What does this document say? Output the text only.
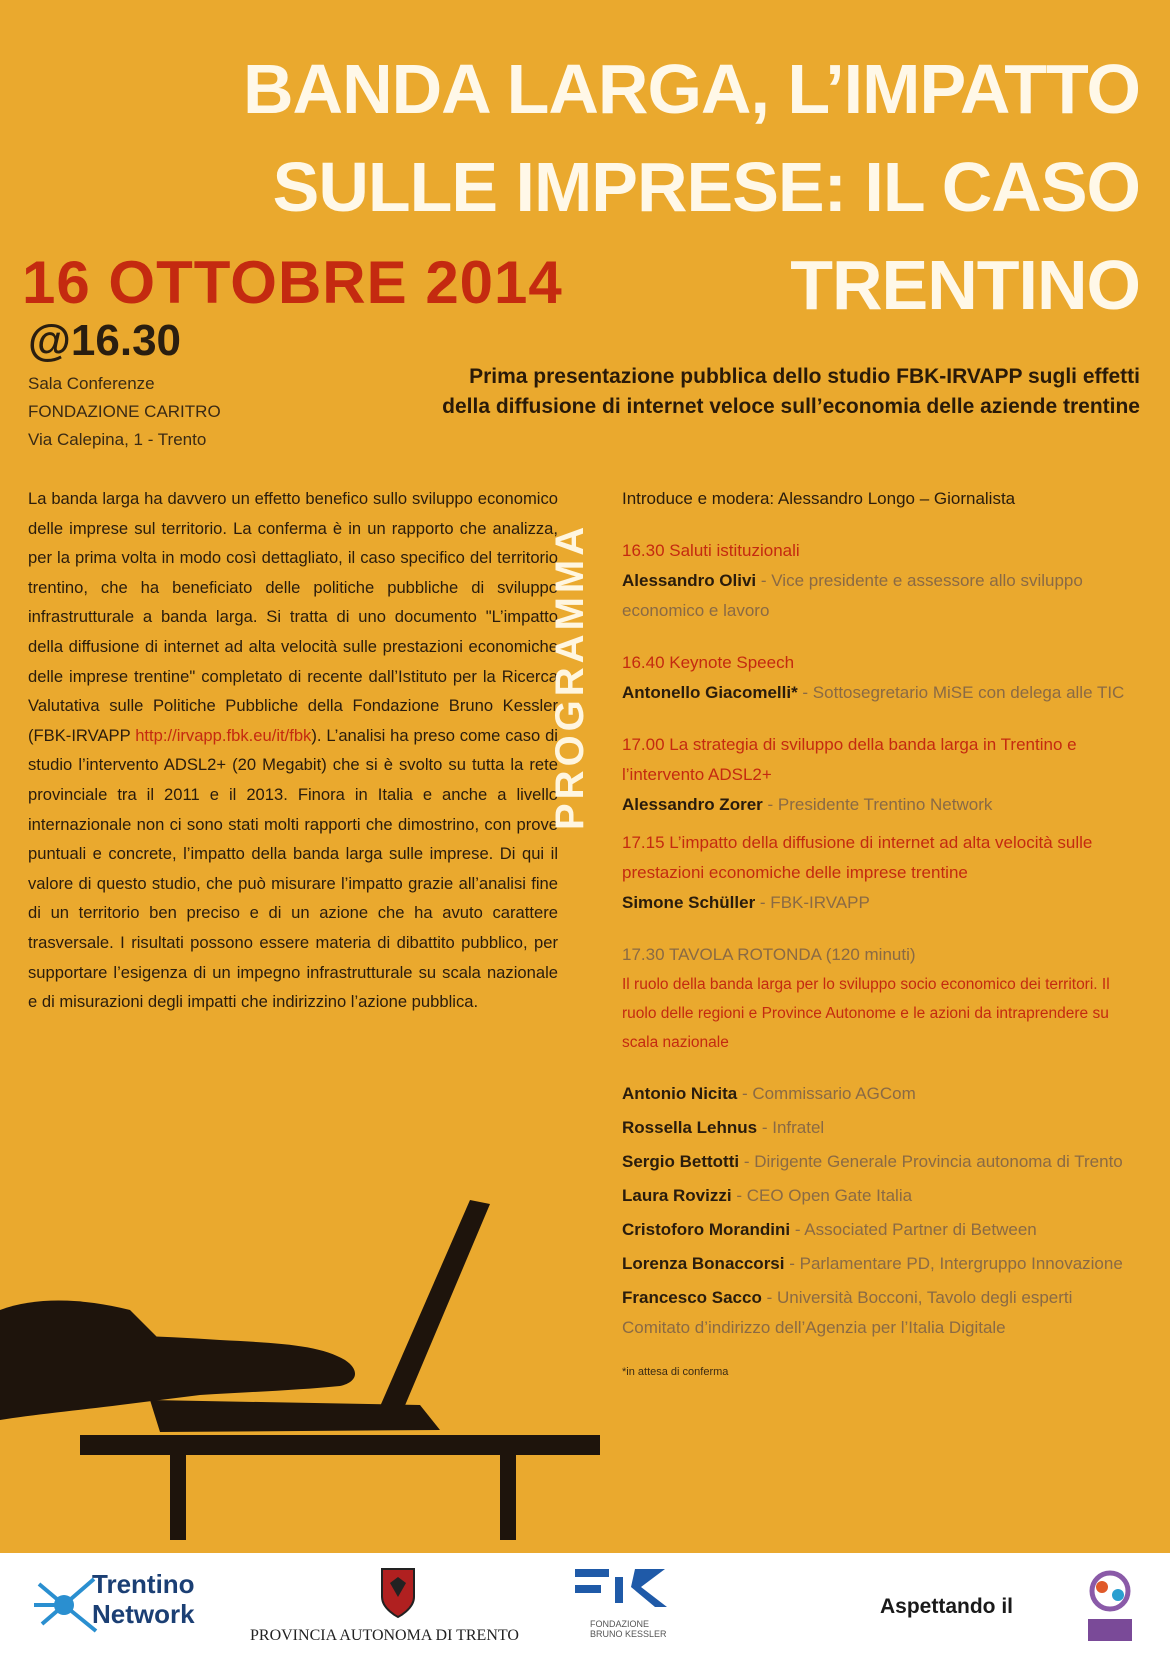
BANDA LARGA, L’IMPATTO
SULLE IMPRESE: IL CASO
TRENTINO
16 OTTOBRE 2014
@16.30
Sala Conferenze
FONDAZIONE CARITRO
Via Calepina, 1 - Trento
Prima presentazione pubblica dello studio FBK-IRVAPP sugli effetti
della diffusione di internet veloce sull’economia delle aziende trentine
La banda larga ha davvero un effetto benefico sullo sviluppo economico delle imprese sul territorio. La conferma è in un rapporto che analizza, per la prima volta in modo così dettagliato, il caso specifico del territorio trentino, che ha beneficiato delle politiche pubbliche di sviluppo infrastrutturale a banda larga. Si tratta di uno documento "L’impatto della diffusione di internet ad alta velocità sulle prestazioni economiche delle imprese trentine" completato di recente dall’Istituto per la Ricerca Valutativa sulle Politiche Pubbliche della Fondazione Bruno Kessler (FBK-IRVAPP http://irvapp.fbk.eu/it/fbk). L’analisi ha preso come caso di studio l’intervento ADSL2+ (20 Megabit) che si è svolto su tutta la rete provinciale tra il 2011 e il 2013. Finora in Italia e anche a livello internazionale non ci sono stati molti rapporti che dimostrino, con prove puntuali e concrete, l’impatto della banda larga sulle imprese. Di qui il valore di questo studio, che può misurare l’impatto grazie all’analisi fine di un territorio ben preciso e di un azione che ha avuto carattere trasversale. I risultati possono essere materia di dibattito pubblico, per supportare l’esigenza di un impegno infrastrutturale su scala nazionale e di misurazioni degli impatti che indirizzino l’azione pubblica.
PROGRAMMA

Introduce e modera: Alessandro Longo – Giornalista

16.30 Saluti istituzionali

Alessandro Olivi - Vice presidente e assessore allo sviluppo economico e lavoro

16.40 Keynote Speech

Antonello Giacomelli* - Sottosegretario MiSE con delega alle TIC

17.00 La strategia di sviluppo della banda larga in Trentino e l’intervento ADSL2+

Alessandro Zorer - Presidente Trentino Network

17.15 L’impatto della diffusione di internet ad alta velocità sulle prestazioni economiche delle imprese trentine

Simone Schüller - FBK-IRVAPP

17.30 TAVOLA ROTONDA (120 minuti)

Il ruolo della banda larga per lo sviluppo socio economico dei territori. Il ruolo delle regioni e Province Autonome e le azioni da intraprendere su scala nazionale

Antonio Nicita - Commissario AGCom

Rossella Lehnus - Infratel

Sergio Bettotti - Dirigente Generale Provincia autonoma di Trento

Laura Rovizzi - CEO Open Gate Italia

Cristoforo Morandini - Associated Partner di Between

Lorenza Bonaccorsi - Parlamentare PD, Intergruppo Innovazione

Francesco Sacco - Università Bocconi, Tavolo degli esperti Comitato d’indirizzo dell’Agenzia per l’Italia Digitale

*in attesa di conferma

Trentino
Network
PROVINCIA AUTONOMA DI TRENTO
FONDAZIONE BRUNO KESSLER
Aspettando il
